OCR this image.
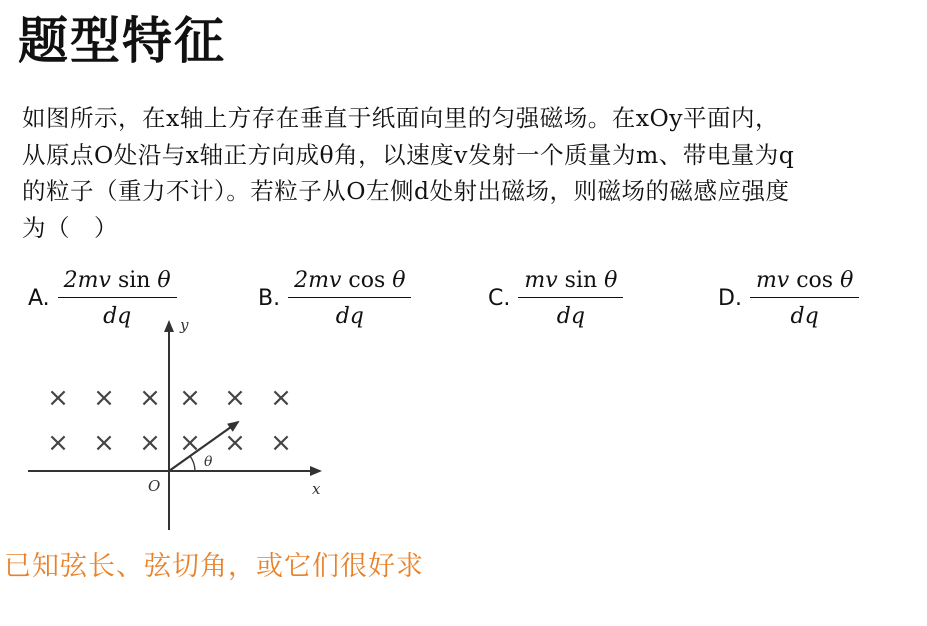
题型特征
如图所示，在x轴上方存在垂直于纸面向里的匀强磁场。在xOy平面内，
从原点O处沿与x轴正方向成θ角，以速度v发射一个质量为m、带电量为q
的粒子（重力不计）。若粒子从O左侧d处射出磁场，则磁场的磁感应强度
为（　）
A. $\frac{\text{2mv sin θ}}{dq}$	B. $\frac{\text{2mv cos θ}}{dq}$	C. $\frac{\text{mv sin θ}}{dq}$	D. $\frac{\text{mv cos θ}}{dq}$
× × × × × ×
× × × × × ×
θ
O	x
y
已知弦长、弦切角，或它们很好求
